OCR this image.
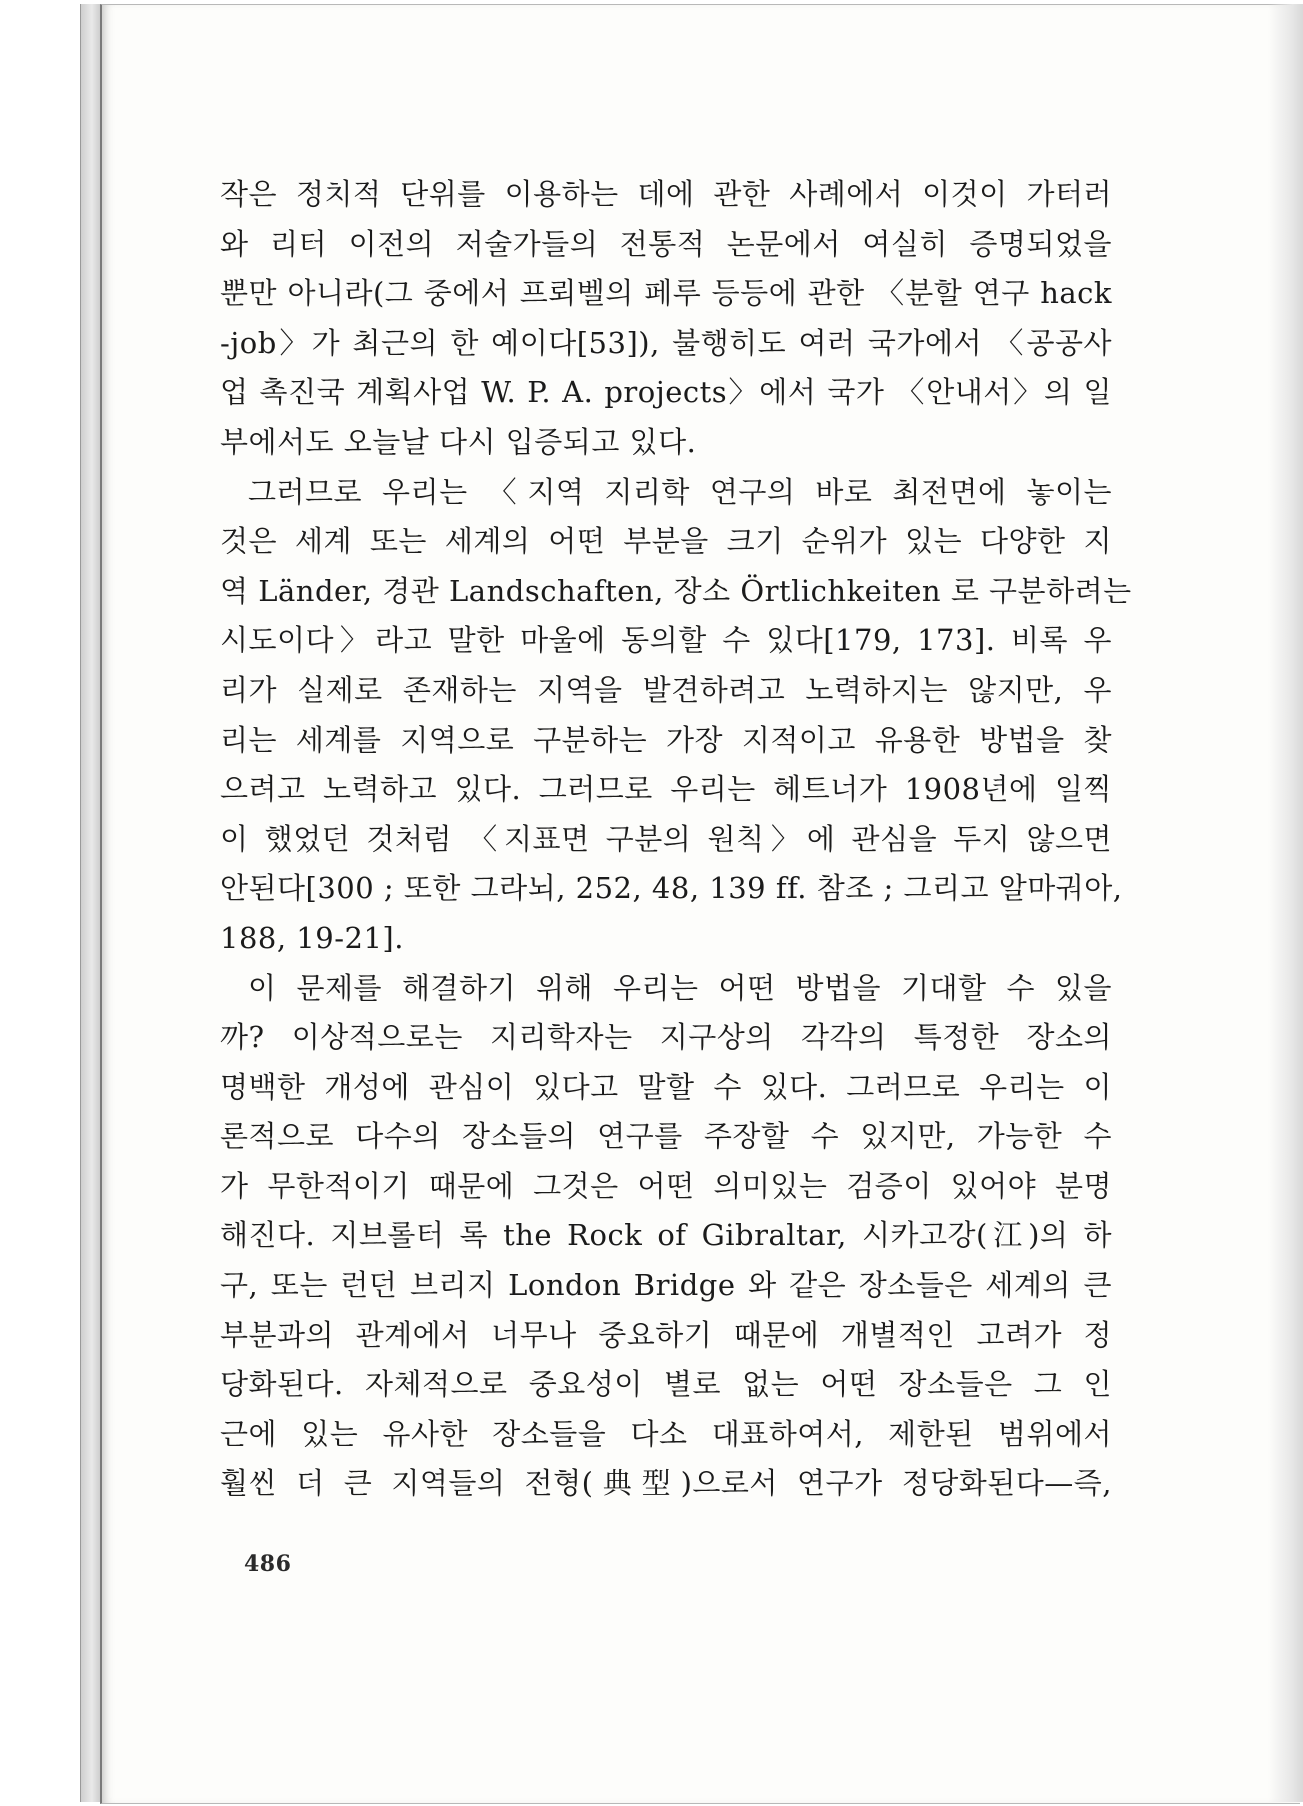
작은 정치적 단위를 이용하는 데에 관한 사례에서 이것이 가터러
와 리터 이전의 저술가들의 전통적 논문에서 여실히 증명되었을
뿐만 아니라(그 중에서 프뢰벨의 페루 등등에 관한 〈분할 연구 hack
-job〉가 최근의 한 예이다[53]), 불행히도 여러 국가에서 〈공공사
업 촉진국 계획사업 W. P. A. projects〉에서 국가 〈안내서〉의 일
부에서도 오늘날 다시 입증되고 있다.
그러므로 우리는 〈지역 지리학 연구의 바로 최전면에 놓이는
것은 세계 또는 세계의 어떤 부분을 크기 순위가 있는 다양한 지
역 Länder, 경관 Landschaften, 장소 Örtlichkeiten 로 구분하려는
시도이다〉라고 말한 마울에 동의할 수 있다[179, 173]. 비록 우
리가 실제로 존재하는 지역을 발견하려고 노력하지는 않지만, 우
리는 세계를 지역으로 구분하는 가장 지적이고 유용한 방법을 찾
으려고 노력하고 있다. 그러므로 우리는 헤트너가 1908년에 일찍
이 했었던 것처럼 〈지표면 구분의 원칙〉에 관심을 두지 않으면
안된다[300 ; 또한 그라뇌, 252, 48, 139 ff. 참조 ; 그리고 알마궈아,
188, 19-21].
이 문제를 해결하기 위해 우리는 어떤 방법을 기대할 수 있을
까? 이상적으로는 지리학자는 지구상의 각각의 특정한 장소의
명백한 개성에 관심이 있다고 말할 수 있다. 그러므로 우리는 이
론적으로 다수의 장소들의 연구를 주장할 수 있지만, 가능한 수
가 무한적이기 때문에 그것은 어떤 의미있는 검증이 있어야 분명
해진다. 지브롤터 록 the Rock of Gibraltar, 시카고강(江)의 하
구, 또는 런던 브리지 London Bridge 와 같은 장소들은 세계의 큰
부분과의 관계에서 너무나 중요하기 때문에 개별적인 고려가 정
당화된다. 자체적으로 중요성이 별로 없는 어떤 장소들은 그 인
근에 있는 유사한 장소들을 다소 대표하여서, 제한된 범위에서
훨씬 더 큰 지역들의 전형(典型)으로서 연구가 정당화된다—즉,
486
